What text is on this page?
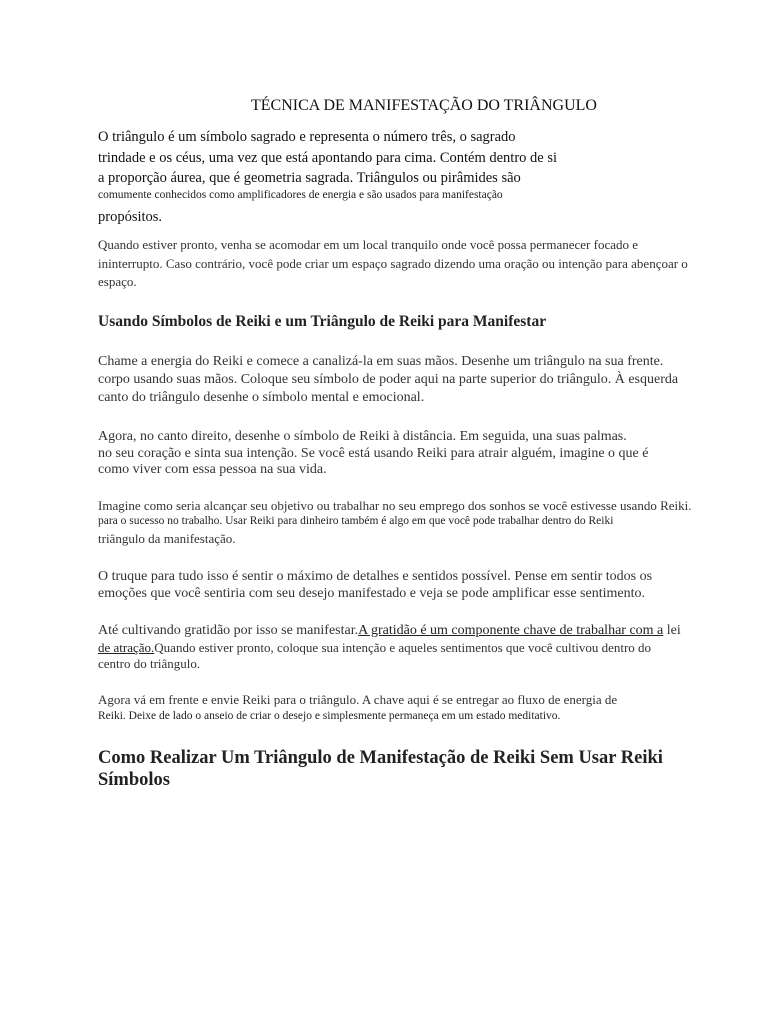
TÉCNICA DE MANIFESTAÇÃO DO TRIÂNGULO
O triângulo é um símbolo sagrado e representa o número três, o sagrado
trindade e os céus, uma vez que está apontando para cima. Contém dentro de si
a proporção áurea, que é geometria sagrada. Triângulos ou pirâmides são
comumente conhecidos como amplificadores de energia e são usados para manifestação
propósitos.
Quando estiver pronto, venha se acomodar em um local tranquilo onde você possa permanecer focado e
ininterrupto. Caso contrário, você pode criar um espaço sagrado dizendo uma oração ou intenção para abençoar o
espaço.
Usando Símbolos de Reiki e um Triângulo de Reiki para Manifestar
Chame a energia do Reiki e comece a canalizá-la em suas mãos. Desenhe um triângulo na sua frente.
corpo usando suas mãos. Coloque seu símbolo de poder aqui na parte superior do triângulo. À esquerda
canto do triângulo desenhe o símbolo mental e emocional.
Agora, no canto direito, desenhe o símbolo de Reiki à distância. Em seguida, una suas palmas.
no seu coração e sinta sua intenção. Se você está usando Reiki para atrair alguém, imagine o que é
como viver com essa pessoa na sua vida.
Imagine como seria alcançar seu objetivo ou trabalhar no seu emprego dos sonhos se você estivesse usando Reiki.
para o sucesso no trabalho. Usar Reiki para dinheiro também é algo em que você pode trabalhar dentro do Reiki
triângulo da manifestação.
O truque para tudo isso é sentir o máximo de detalhes e sentidos possível. Pense em sentir todos os
emoções que você sentiria com seu desejo manifestado e veja se pode amplificar esse sentimento.
Até cultivando gratidão por isso se manifestar.A gratidão é um componente chave de trabalhar com a lei
de atração.Quando estiver pronto, coloque sua intenção e aqueles sentimentos que você cultivou dentro do
centro do triângulo.
Agora vá em frente e envie Reiki para o triângulo. A chave aqui é se entregar ao fluxo de energia de
Reiki. Deixe de lado o anseio de criar o desejo e simplesmente permaneça em um estado meditativo.
Como Realizar Um Triângulo de Manifestação de Reiki Sem Usar Reiki
Símbolos
